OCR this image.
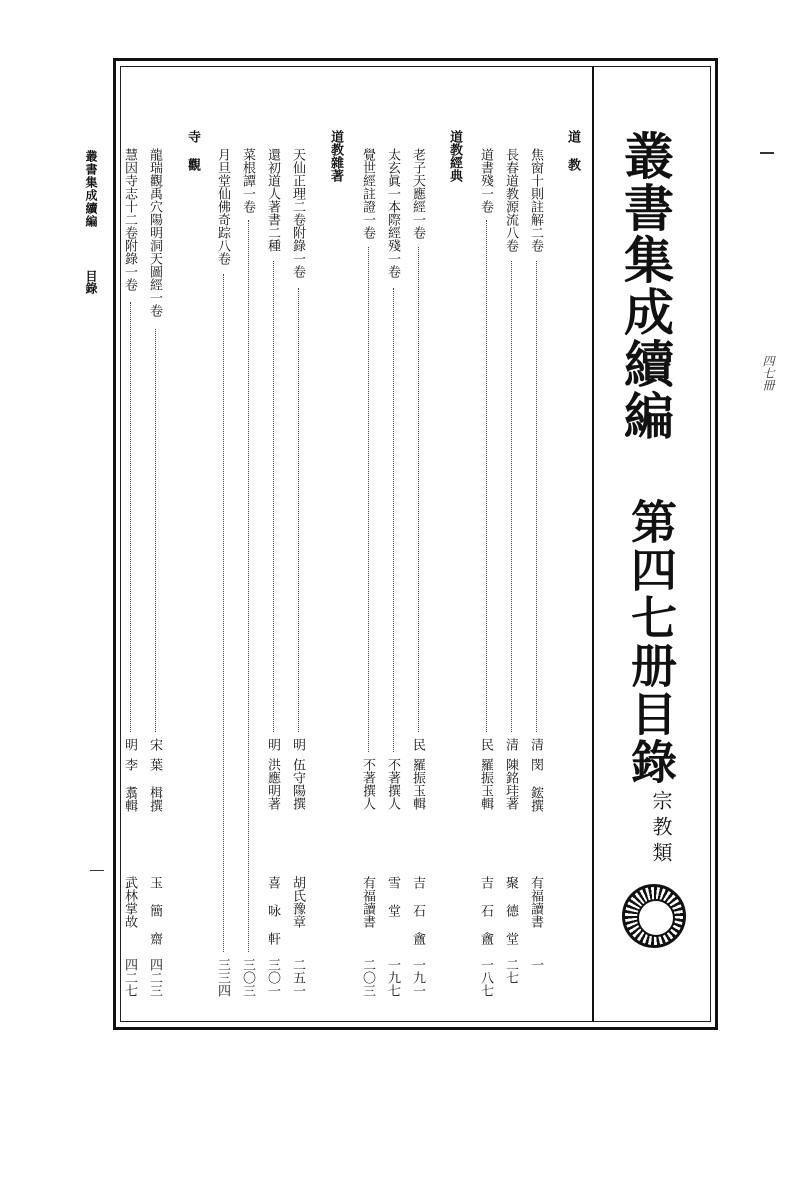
叢書集成續編
第四七册目錄
宗教類
叢書集成續編
目錄
四七冊
道 教
焦窗十則註解二卷
清
閔 鋐撰
有福讀書
一
長春道教源流八卷
清
陳銘珪著
聚 德 堂
二七
道書殘一卷
民
羅振玉輯
吉 石 盦
一八七
道教經典
老子天應經一卷
民
羅振玉輯
吉 石 盦
一九一
太玄眞一本際經殘一卷
不著撰人
雪 堂
一九七
覺世經註證一卷
不著撰人
有福讀書
二〇三
道教雜著
天仙正理二卷附錄一卷
明
伍守陽撰
胡氏豫章
二五一
還初道人著書二種
明
洪應明著
喜 咏 軒
三〇一
菜根譚一卷
三〇三
月旦堂仙佛奇踪八卷
三三四
寺 觀
龍瑞觀禹穴陽明洞天圖經一卷
宋
葉 楫撰
玉 簡 齋
四二三
慧因寺志十二卷附錄一卷
明
李 翥輯
武林掌故
四二七
